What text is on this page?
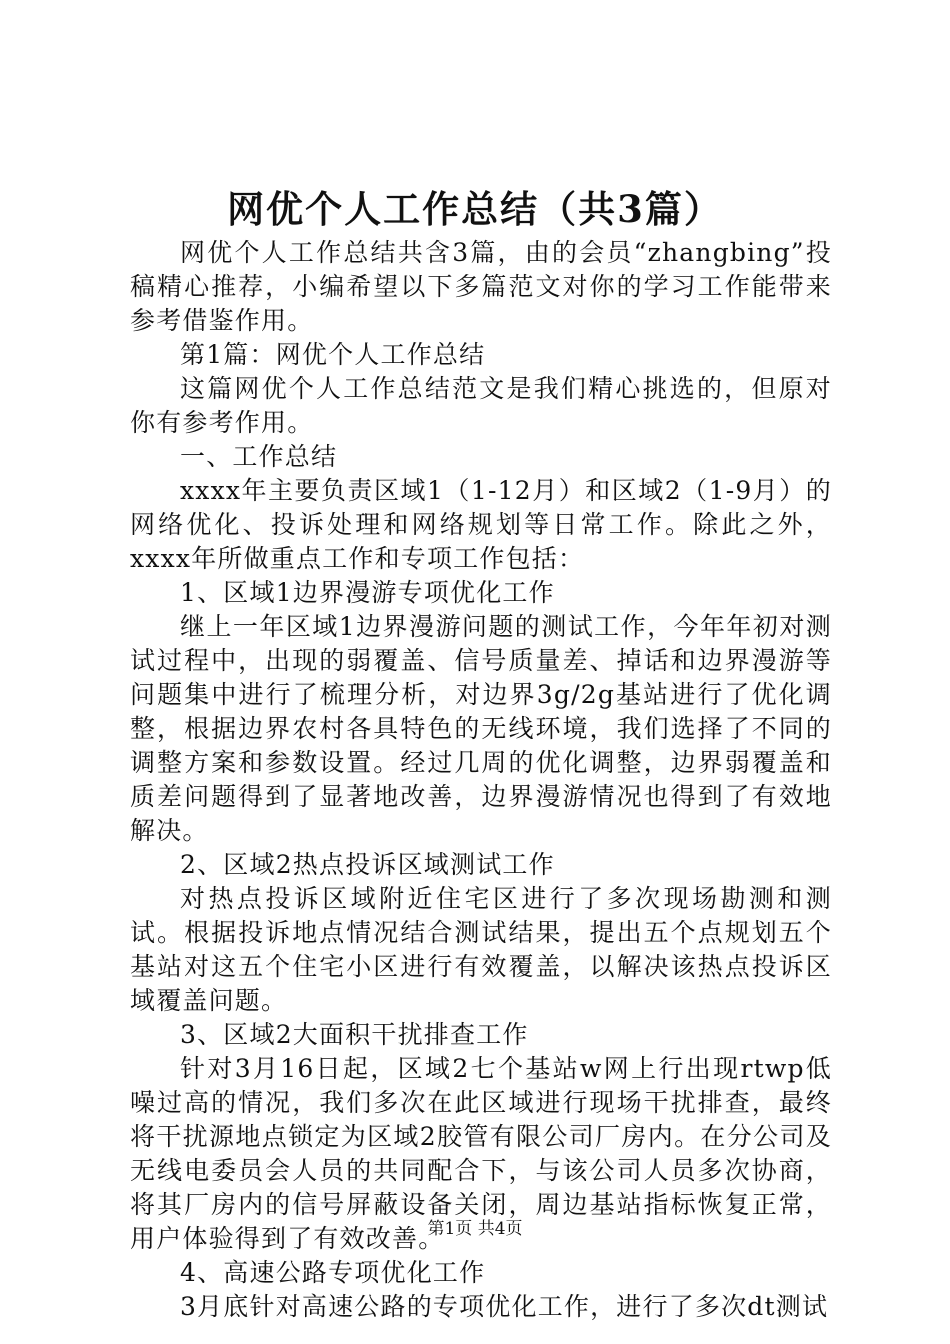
网优个人工作总结（共3篇）

网优个人工作总结共含3篇，由的会员“zhangbing”投稿精心推荐，小编希望以下多篇范文对你的学习工作能带来参考借鉴作用。

第1篇：网优个人工作总结

这篇网优个人工作总结范文是我们精心挑选的，但原对你有参考作用。

一、工作总结

xxxx年主要负责区域1（1-12月）和区域2（1-9月）的网络优化、投诉处理和网络规划等日常工作。除此之外，xxxx年所做重点工作和专项工作包括：

1、区域1边界漫游专项优化工作

继上一年区域1边界漫游问题的测试工作，今年年初对测试过程中，出现的弱覆盖、信号质量差、掉话和边界漫游等问题集中进行了梳理分析，对边界3g/2g基站进行了优化调整，根据边界农村各具特色的无线环境，我们选择了不同的调整方案和参数设置。经过几周的优化调整，边界弱覆盖和质差问题得到了显著地改善，边界漫游情况也得到了有效地解决。

2、区域2热点投诉区域测试工作

对热点投诉区域附近住宅区进行了多次现场勘测和测试。根据投诉地点情况结合测试结果，提出五个点规划五个基站对这五个住宅小区进行有效覆盖，以解决该热点投诉区域覆盖问题。

3、区域2大面积干扰排查工作

针对3月16日起，区域2七个基站w网上行出现rtwp低噪过高的情况，我们多次在此区域进行现场干扰排查，最终将干扰源地点锁定为区域2胶管有限公司厂房内。在分公司及无线电委员会人员的共同配合下，与该公司人员多次协商，将其厂房内的信号屏蔽设备关闭，周边基站指标恢复正常，用户体验得到了有效改善。

4、高速公路专项优化工作

3月底针对高速公路的专项优化工作，进行了多次dt测试

第1页 共4页
